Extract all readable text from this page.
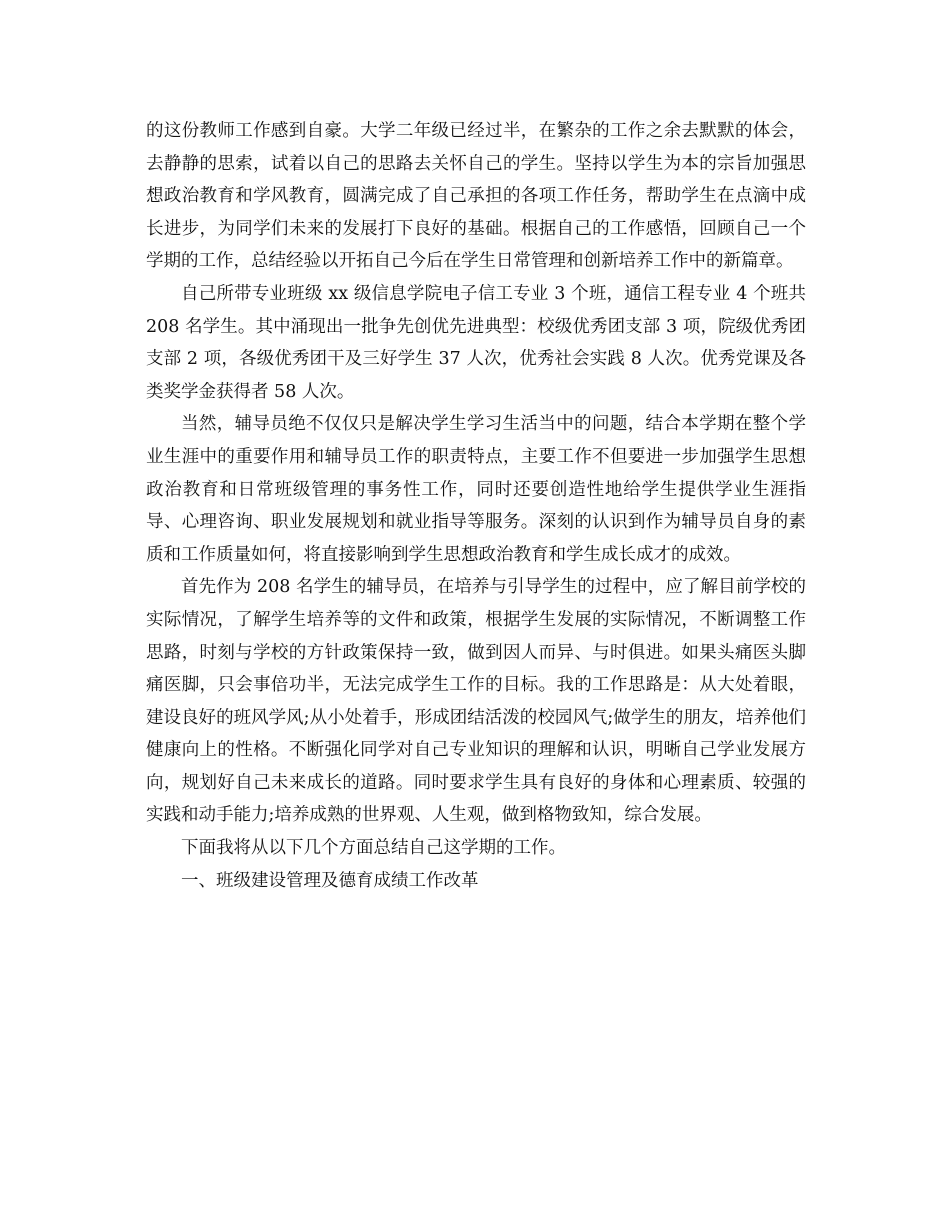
的这份教师工作感到自豪。大学二年级已经过半，在繁杂的工作之余去默默的体会，去静静的思索，试着以自己的思路去关怀自己的学生。坚持以学生为本的宗旨加强思想政治教育和学风教育，圆满完成了自己承担的各项工作任务，帮助学生在点滴中成长进步，为同学们未来的发展打下良好的基础。根据自己的工作感悟，回顾自己一个学期的工作，总结经验以开拓自己今后在学生日常管理和创新培养工作中的新篇章。

自己所带专业班级 xx 级信息学院电子信工专业 3 个班，通信工程专业 4 个班共 208 名学生。其中涌现出一批争先创优先进典型：校级优秀团支部 3 项，院级优秀团支部 2 项，各级优秀团干及三好学生 37 人次，优秀社会实践 8 人次。优秀党课及各类奖学金获得者 58 人次。

当然，辅导员绝不仅仅只是解决学生学习生活当中的问题，结合本学期在整个学业生涯中的重要作用和辅导员工作的职责特点，主要工作不但要进一步加强学生思想政治教育和日常班级管理的事务性工作，同时还要创造性地给学生提供学业生涯指导、心理咨询、职业发展规划和就业指导等服务。深刻的认识到作为辅导员自身的素质和工作质量如何，将直接影响到学生思想政治教育和学生成长成才的成效。

首先作为 208 名学生的辅导员，在培养与引导学生的过程中，应了解目前学校的实际情况，了解学生培养等的文件和政策，根据学生发展的实际情况，不断调整工作思路，时刻与学校的方针政策保持一致，做到因人而异、与时俱进。如果头痛医头脚痛医脚，只会事倍功半，无法完成学生工作的目标。我的工作思路是：从大处着眼，建设良好的班风学风;从小处着手，形成团结活泼的校园风气;做学生的朋友，培养他们健康向上的性格。不断强化同学对自己专业知识的理解和认识，明晰自己学业发展方向，规划好自己未来成长的道路。同时要求学生具有良好的身体和心理素质、较强的实践和动手能力;培养成熟的世界观、人生观，做到格物致知，综合发展。

下面我将从以下几个方面总结自己这学期的工作。

一、班级建设管理及德育成绩工作改革
